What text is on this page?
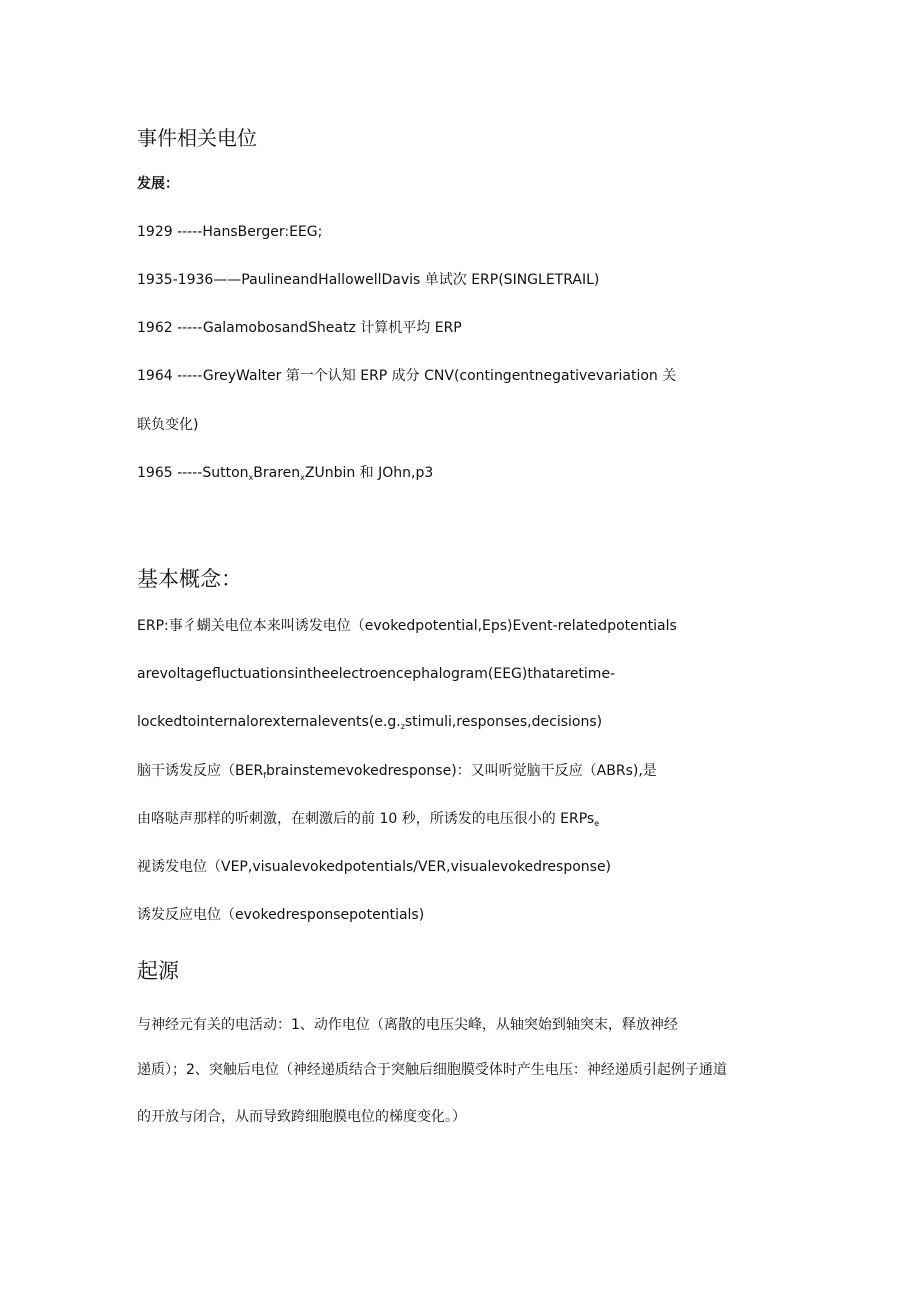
事件相关电位
发展：

1929 -----HansBerger:EEG;

1935-1936——PaulineandHallowellDavis 单试次 ERP(SINGLETRAIL)

1962 -----GalamobosandSheatz 计算机平均 ERP

1964 -----GreyWalter 第一个认知 ERP 成分 CNV(contingentnegativevariation 关

联负变化)

1965 -----Sutton$_x$Braren$_x$ZUnbin 和 JOhn,p3

基本概念：

ERP:事彳蝴关电位本来叫诱发电位（evokedpotential,Eps)Event-relatedpotentials

arevoltagefluctuationsintheelectroencephalogram(EEG)thataretime-

$lockedtointernalorexternalevents(e.g._zstimuli,responses,decisions)$

脑干诱发反应$(BER_fbrainstemevokedresponse)$：又叫听觉脑干反应（ABRs),是

由咯哒声那样的听刺激，在刺激后的前 10 秒，所诱发的电压很小的 ERPs$_e$

视诱发电位（VEP,visualevokedpotentials/VER,visualevokedresponse)

诱发反应电位（evokedresponsepotentials)

起源

与神经元有关的电活动：1、动作电位（离散的电压尖峰，从轴突始到轴突末，释放神经

递质）；2、突触后电位（神经递质结合于突触后细胞膜受体时产生电压：神经递质引起例子通道

的开放与闭合，从而导致跨细胞膜电位的梯度变化。）
